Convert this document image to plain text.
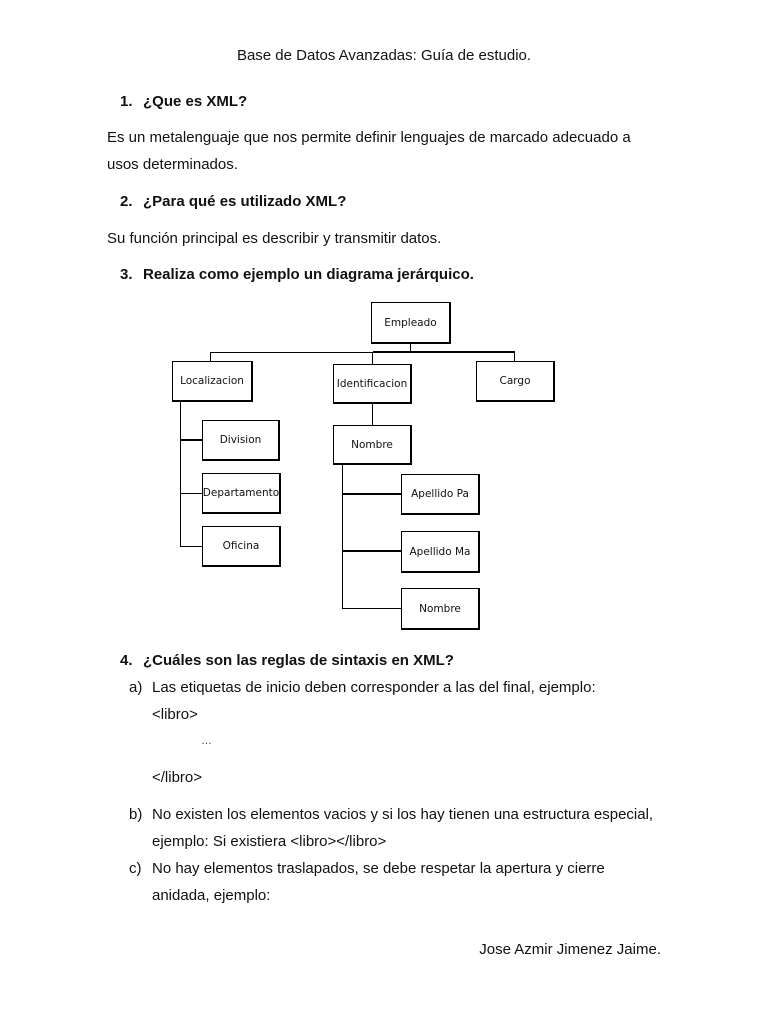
Base de Datos Avanzadas: Guía de estudio.
1. ¿Que es XML?
Es un metalenguaje que nos permite definir lenguajes de marcado adecuado a
usos determinados.
2. ¿Para qué es utilizado XML?
Su función principal es describir y transmitir datos.
3. Realiza como ejemplo un diagrama jerárquico.
Empleado
Localizacion	Identificacion	Cargo
Division
Departamento
Oficina
Nombre
Apellido Pa
Apellido Ma
Nombre
4. ¿Cuáles son las reglas de sintaxis en XML?
a) Las etiquetas de inicio deben corresponder a las del final, ejemplo:
<libro>
…
</libro>
b) No existen los elementos vacios y si los hay tienen una estructura especial,
ejemplo: Si existiera <libro></libro>
c) No hay elementos traslapados, se debe respetar la apertura y cierre
anidada, ejemplo:
Jose Azmir Jimenez Jaime.
